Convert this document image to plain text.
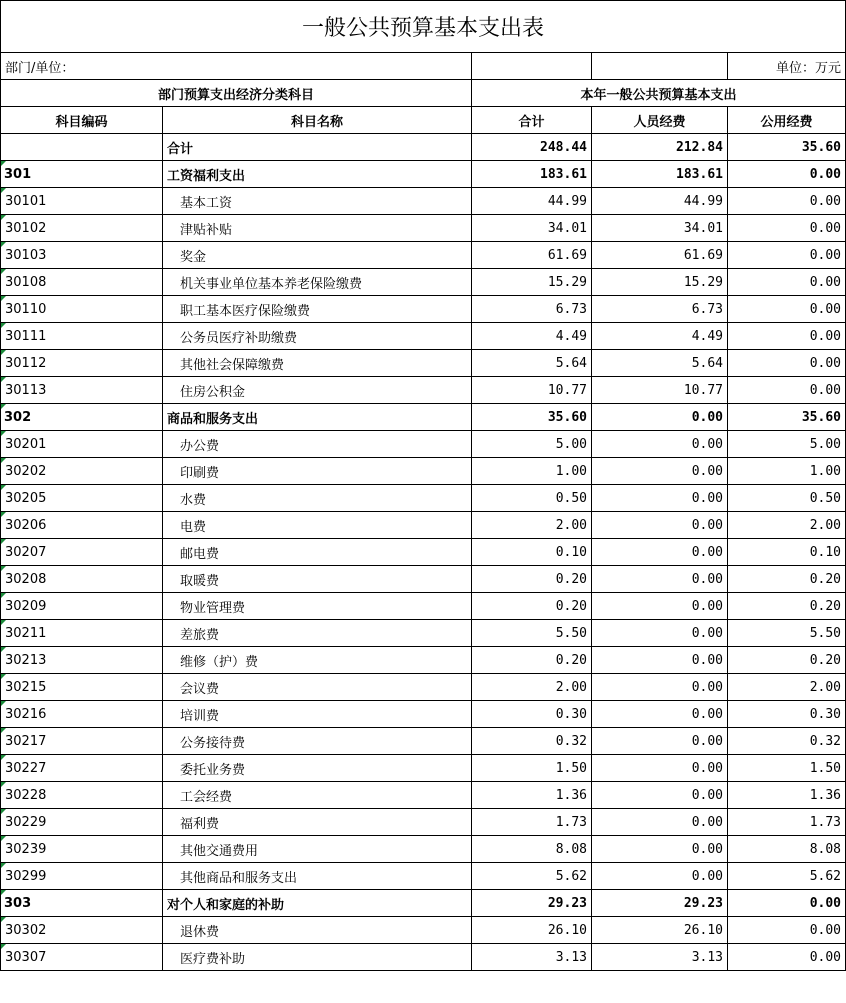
一般公共预算基本支出表				
部门/单位：				单位：万元
部门预算支出经济分类科目		本年一般公共预算基本支出		
科目编码	科目名称	合计	人员经费	公用经费
	合计	248.44	212.84	35.60
301	工资福利支出	183.61	183.61	0.00
30101	基本工资	44.99	44.99	0.00
30102	津贴补贴	34.01	34.01	0.00
30103	奖金	61.69	61.69	0.00
30108	机关事业单位基本养老保险缴费	15.29	15.29	0.00
30110	职工基本医疗保险缴费	6.73	6.73	0.00
30111	公务员医疗补助缴费	4.49	4.49	0.00
30112	其他社会保障缴费	5.64	5.64	0.00
30113	住房公积金	10.77	10.77	0.00
302	商品和服务支出	35.60	0.00	35.60
30201	办公费	5.00	0.00	5.00
30202	印刷费	1.00	0.00	1.00
30205	水费	0.50	0.00	0.50
30206	电费	2.00	0.00	2.00
30207	邮电费	0.10	0.00	0.10
30208	取暖费	0.20	0.00	0.20
30209	物业管理费	0.20	0.00	0.20
30211	差旅费	5.50	0.00	5.50
30213	维修（护）费	0.20	0.00	0.20
30215	会议费	2.00	0.00	2.00
30216	培训费	0.30	0.00	0.30
30217	公务接待费	0.32	0.00	0.32
30227	委托业务费	1.50	0.00	1.50
30228	工会经费	1.36	0.00	1.36
30229	福利费	1.73	0.00	1.73
30239	其他交通费用	8.08	0.00	8.08
30299	其他商品和服务支出	5.62	0.00	5.62
303	对个人和家庭的补助	29.23	29.23	0.00
30302	退休费	26.10	26.10	0.00
30307	医疗费补助	3.13	3.13	0.00
